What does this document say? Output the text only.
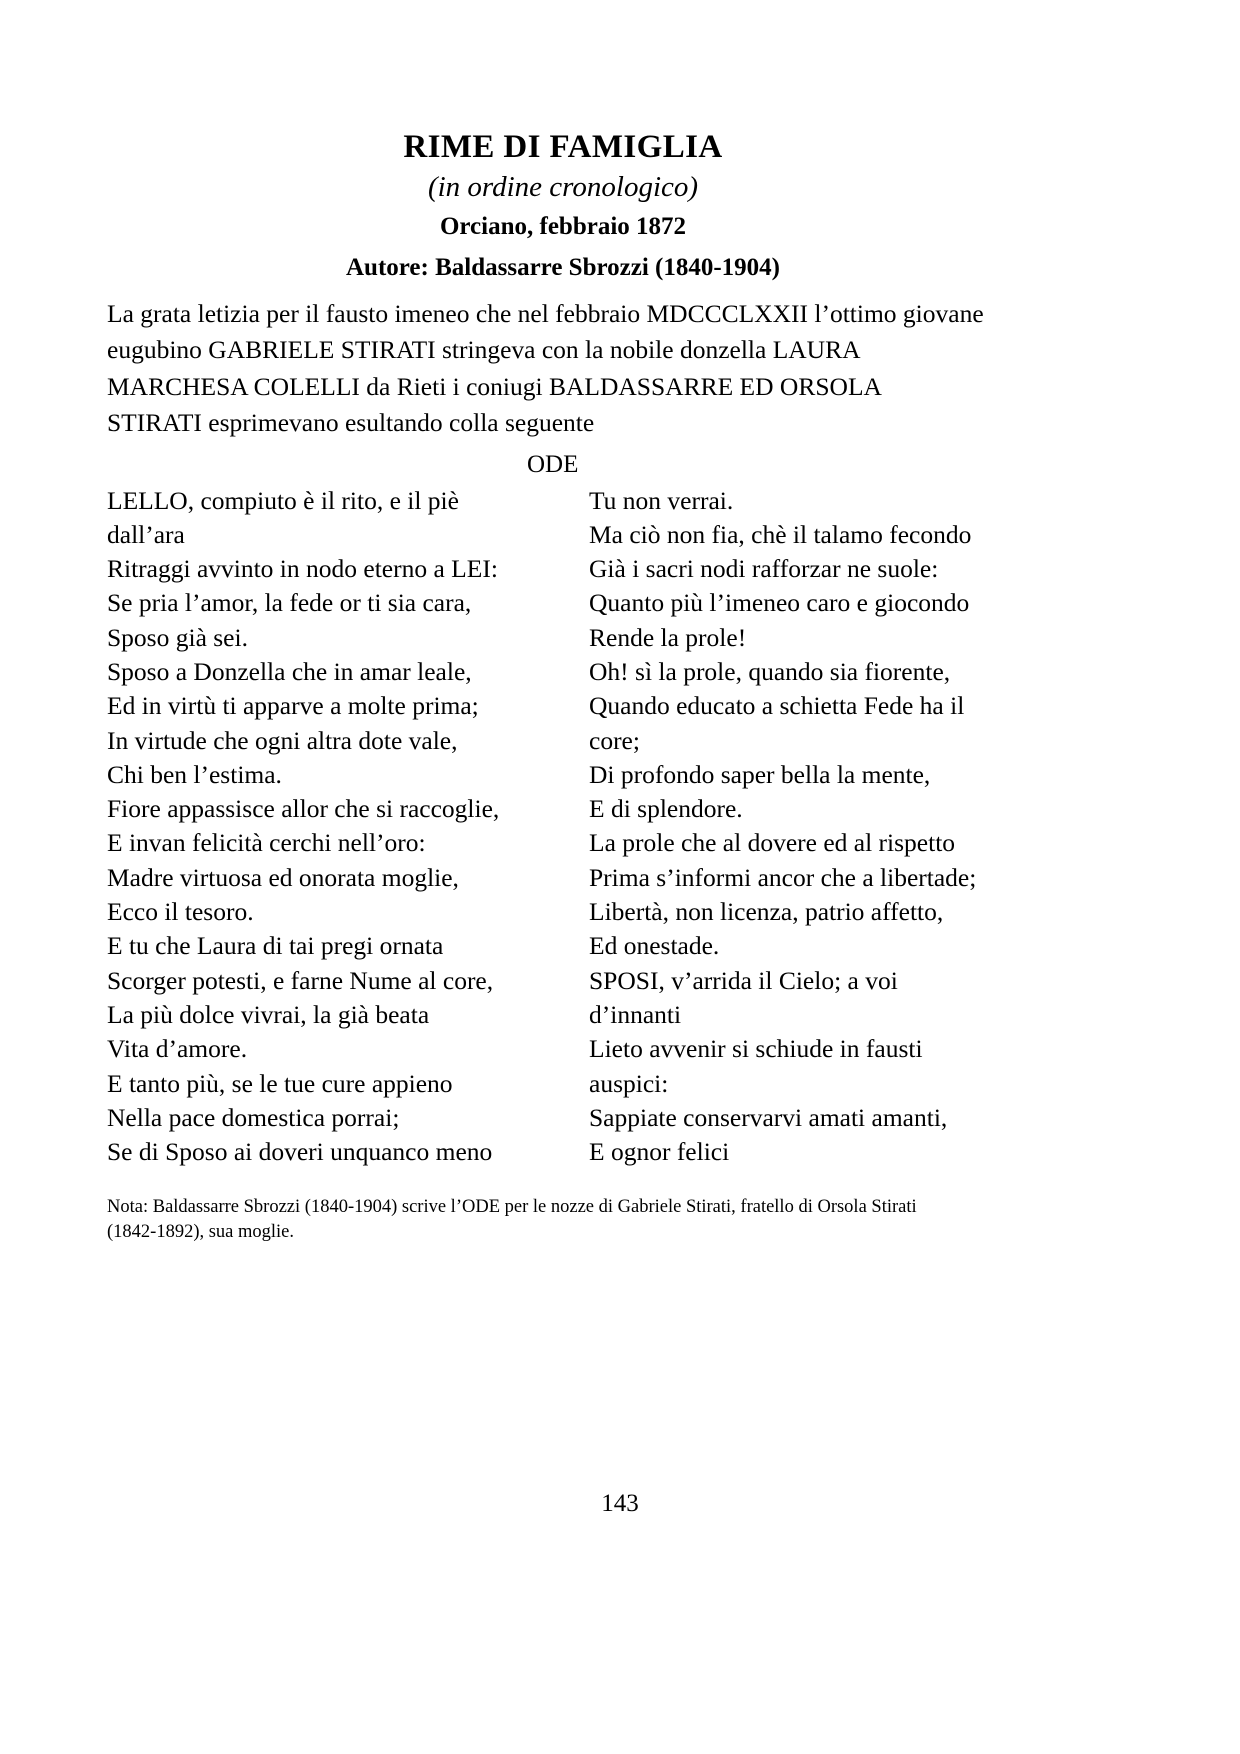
RIME DI FAMIGLIA
(in ordine cronologico)
Orciano, febbraio 1872
Autore: Baldassarre Sbrozzi (1840-1904)
La grata letizia per il fausto imeneo che nel febbraio MDCCCLXXII l’ottimo giovane
eugubino GABRIELE STIRATI stringeva con la nobile donzella LAURA
MARCHESA COLELLI da Rieti i coniugi BALDASSARRE ED ORSOLA
STIRATI esprimevano esultando colla seguente
ODE
LELLO, compiuto è il rito, e il piè
dall’ara
Ritraggi avvinto in nodo eterno a LEI:
Se pria l’amor, la fede or ti sia cara,
Sposo già sei.
Sposo a Donzella che in amar leale,
Ed in virtù ti apparve a molte prima;
In virtude che ogni altra dote vale,
Chi ben l’estima.
Fiore appassisce allor che si raccoglie,
E invan felicità cerchi nell’oro:
Madre virtuosa ed onorata moglie,
Ecco il tesoro.
E tu che Laura di tai pregi ornata
Scorger potesti, e farne Nume al core,
La più dolce vivrai, la già beata
Vita d’amore.
E tanto più, se le tue cure appieno
Nella pace domestica porrai;
Se di Sposo ai doveri unquanco meno
Tu non verrai.
Ma ciò non fia, chè il talamo fecondo
Già i sacri nodi rafforzar ne suole:
Quanto più l’imeneo caro e giocondo
Rende la prole!
Oh! sì la prole, quando sia fiorente,
Quando educato a schietta Fede ha il
core;
Di profondo saper bella la mente,
E di splendore.
La prole che al dovere ed al rispetto
Prima s’informi ancor che a libertade;
Libertà, non licenza, patrio affetto,
Ed onestade.
SPOSI, v’arrida il Cielo; a voi
d’innanti
Lieto avvenir si schiude in fausti
auspici:
Sappiate conservarvi amati amanti,
E ognor felici
Nota: Baldassarre Sbrozzi (1840-1904) scrive l’ODE per le nozze di Gabriele Stirati, fratello di Orsola Stirati
(1842-1892), sua moglie.
143
